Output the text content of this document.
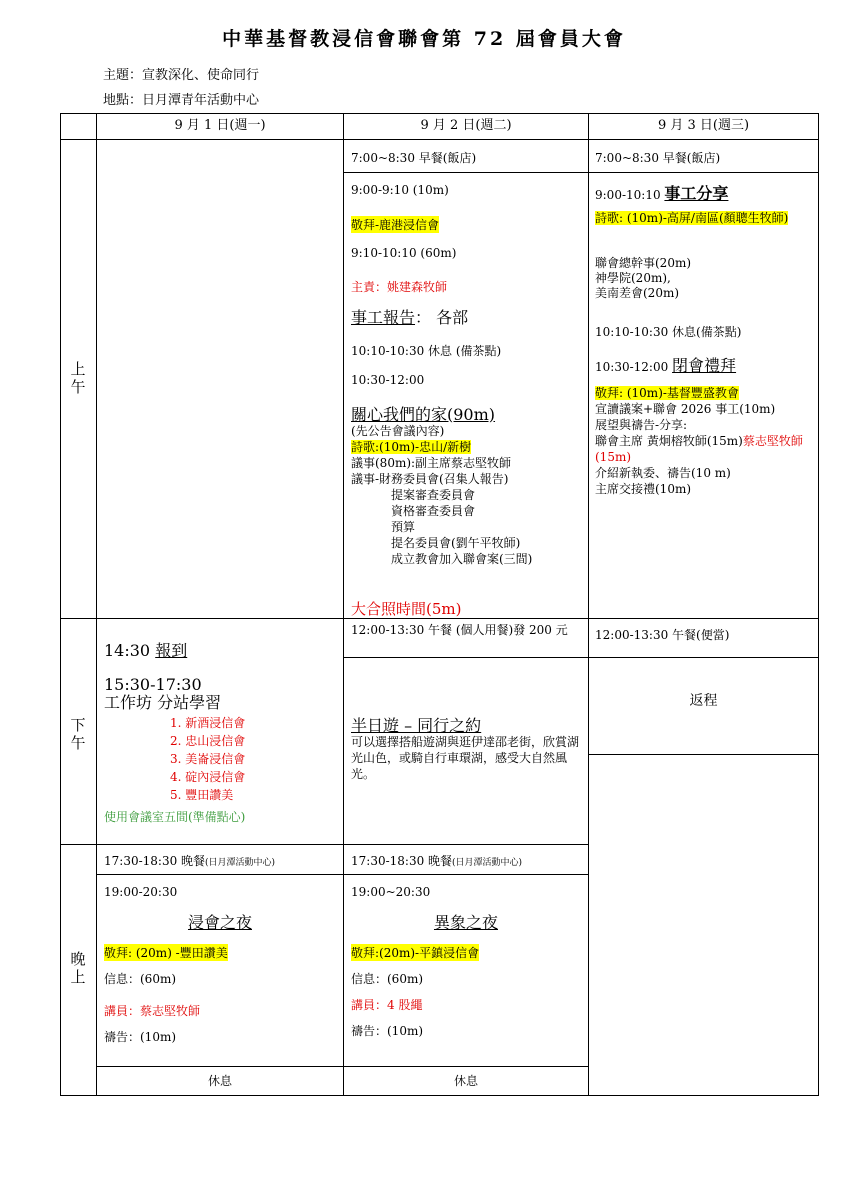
中華基督教浸信會聯會第 72 屆會員大會
主題：宣教深化、使命同行
地點：日月潭青年活動中心
9 月 1 日(週一)	9 月 2 日(週二)	9 月 3 日(週三)
上
午
下
午
晚
上
7:00~8:30 早餐(飯店)
9:00-9:10 (10m)
敬拜-鹿港浸信會
9:10-10:10 (60m)
主責：姚建森牧師
事工報告： 各部
10:10-10:30 休息 (備茶點)
10:30-12:00
關心我們的家(90m)
(先公告會議內容)
詩歌:(10m)-忠山/新樹
議事(80m):副主席蔡志堅牧師
議事-財務委員會(召集人報告)
提案審查委員會
資格審查委員會
預算
提名委員會(劉午平牧師)
成立教會加入聯會案(三間)
大合照時間(5m)
7:00~8:30 早餐(飯店)
9:00-10:10 事工分享
詩歌: (10m)-高屏/南區(顏聰生牧師)
聯會總幹事(20m)
神學院(20m),
美南差會(20m)
10:10-10:30 休息(備茶點)
10:30-12:00 閉會禮拜
敬拜: (10m)-基督豐盛教會
宣讀議案+聯會 2026 事工(10m)
展望與禱告-分享:
聯會主席 黃炯榕牧師(15m)蔡志堅牧師(15m)
介紹新執委、禱告(10 m)
主席交接禮(10m)
14:30 報到
15:30-17:30
工作坊 分站學習
1. 新酒浸信會
2. 忠山浸信會
3. 美崙浸信會
4. 碇內浸信會
5. 豐田讚美
使用會議室五間(準備點心)
12:00-13:30 午餐 (個人用餐)發 200 元
半日遊 – 同行之約
可以選擇搭船遊湖與逛伊達邵老街，欣賞湖光山色，或騎自行車環湖，感受大自然風光。
12:00-13:30 午餐(便當)
返程
17:30-18:30 晚餐(日月潭活動中心)
19:00-20:30
浸會之夜
敬拜: (20m) -豐田讚美
信息：(60m)
講員：蔡志堅牧師
禱告：(10m)
休息
17:30-18:30 晚餐(日月潭活動中心)
19:00~20:30
異象之夜
敬拜:(20m)-平鎮浸信會
信息：(60m)
講員：4 股繩
禱告：(10m)
休息
